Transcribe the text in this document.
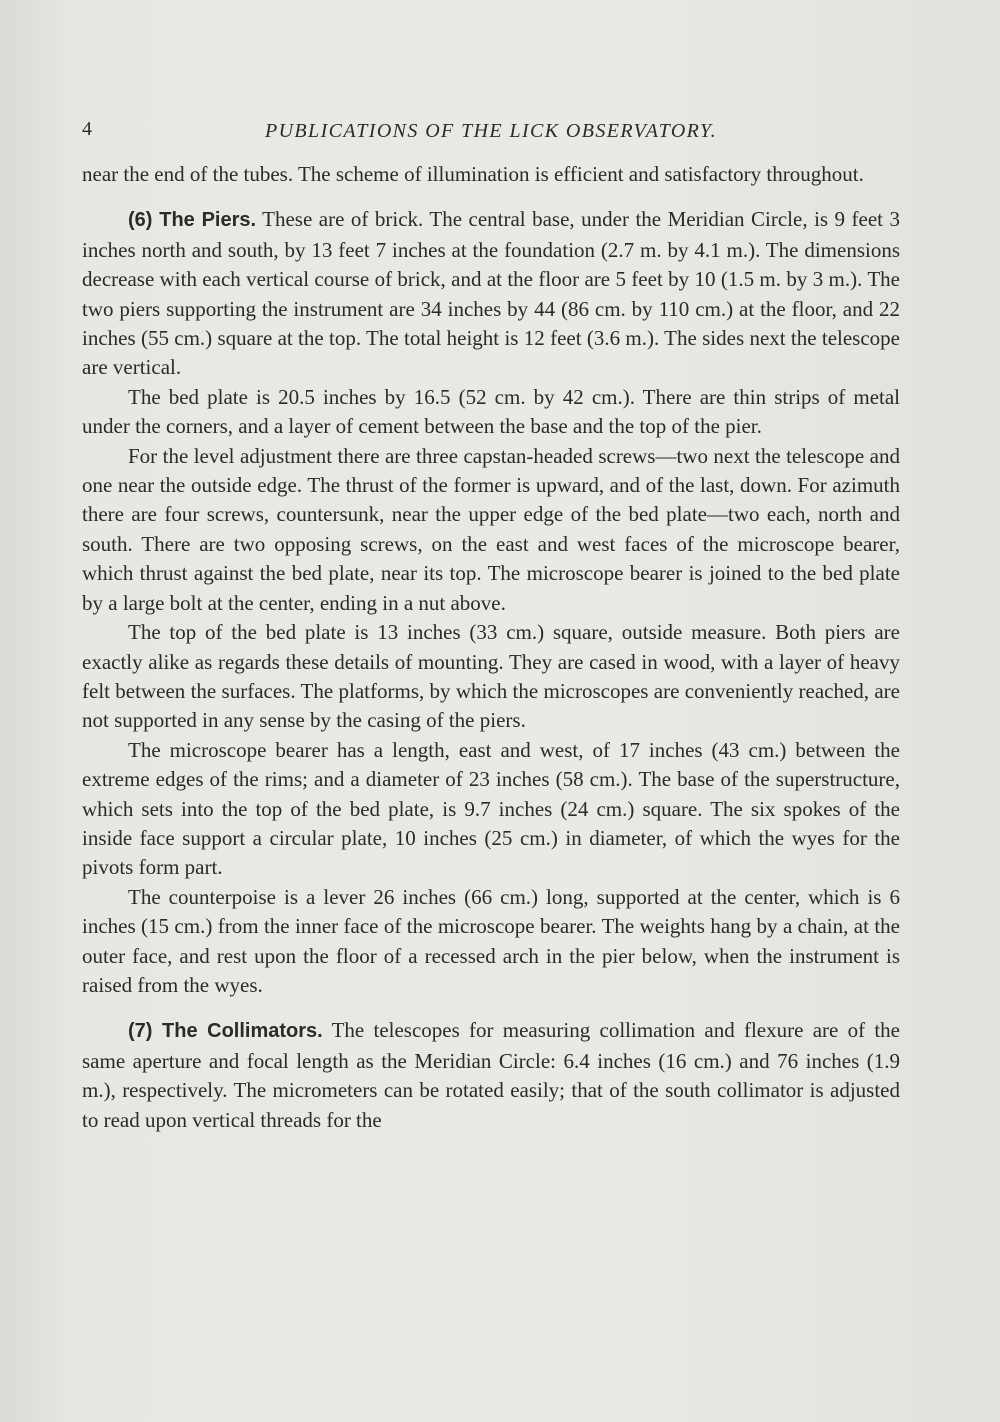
4	PUBLICATIONS OF THE LICK OBSERVATORY.

near the end of the tubes. The scheme of illumination is efficient and satisfactory throughout.

(6) The Piers. These are of brick. The central base, under the Meridian Circle, is 9 feet 3 inches north and south, by 13 feet 7 inches at the foundation (2.7 m. by 4.1 m.). The dimensions decrease with each vertical course of brick, and at the floor are 5 feet by 10 (1.5 m. by 3 m.). The two piers supporting the instrument are 34 inches by 44 (86 cm. by 110 cm.) at the floor, and 22 inches (55 cm.) square at the top. The total height is 12 feet (3.6 m.). The sides next the telescope are vertical.

The bed plate is 20.5 inches by 16.5 (52 cm. by 42 cm.). There are thin strips of metal under the corners, and a layer of cement between the base and the top of the pier.

For the level adjustment there are three capstan-headed screws—two next the telescope and one near the outside edge. The thrust of the former is upward, and of the last, down. For azimuth there are four screws, countersunk, near the upper edge of the bed plate—two each, north and south. There are two opposing screws, on the east and west faces of the microscope bearer, which thrust against the bed plate, near its top. The microscope bearer is joined to the bed plate by a large bolt at the center, ending in a nut above.

The top of the bed plate is 13 inches (33 cm.) square, outside measure. Both piers are exactly alike as regards these details of mounting. They are cased in wood, with a layer of heavy felt between the surfaces. The platforms, by which the microscopes are conveniently reached, are not supported in any sense by the casing of the piers.

The microscope bearer has a length, east and west, of 17 inches (43 cm.) between the extreme edges of the rims; and a diameter of 23 inches (58 cm.). The base of the superstructure, which sets into the top of the bed plate, is 9.7 inches (24 cm.) square. The six spokes of the inside face support a circular plate, 10 inches (25 cm.) in diameter, of which the wyes for the pivots form part.

The counterpoise is a lever 26 inches (66 cm.) long, supported at the center, which is 6 inches (15 cm.) from the inner face of the microscope bearer. The weights hang by a chain, at the outer face, and rest upon the floor of a recessed arch in the pier below, when the instrument is raised from the wyes.

(7) The Collimators. The telescopes for measuring collimation and flexure are of the same aperture and focal length as the Meridian Circle: 6.4 inches (16 cm.) and 76 inches (1.9 m.), respectively. The micrometers can be rotated easily; that of the south collimator is adjusted to read upon vertical threads for the
